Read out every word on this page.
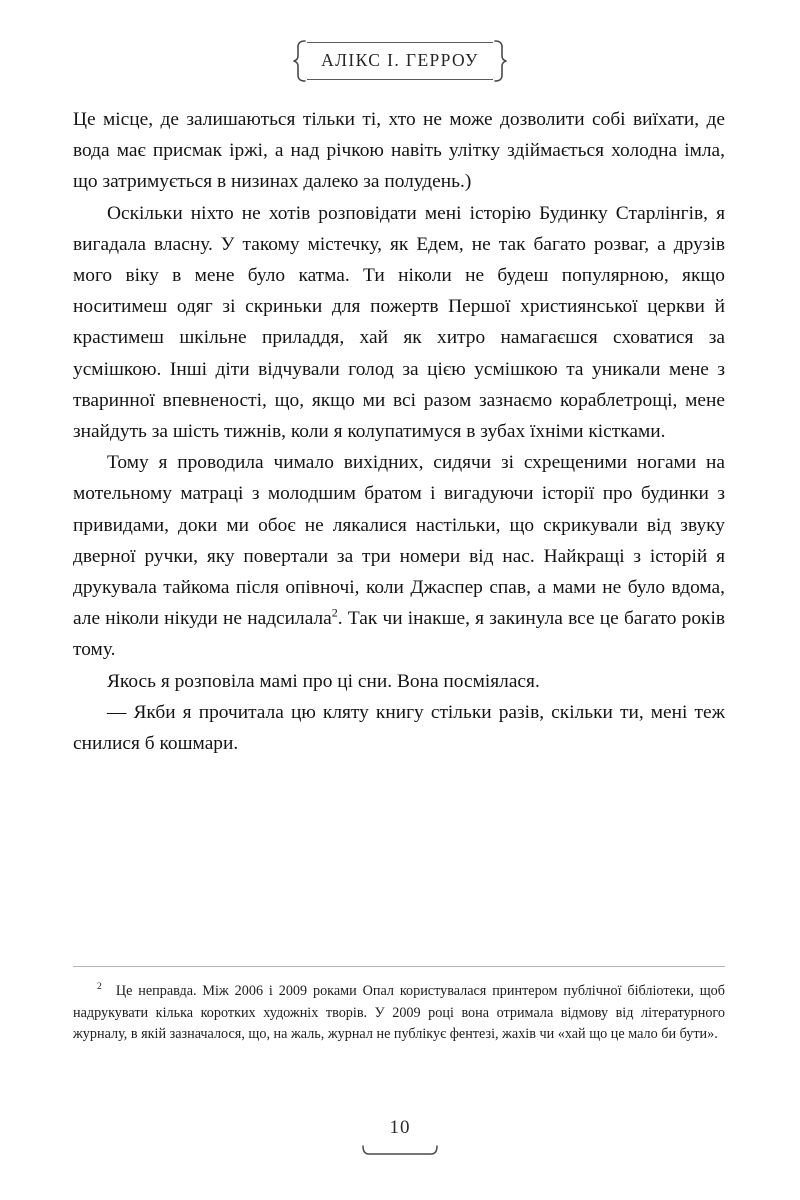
АЛІКС І. ГЕРРОУ

Це місце, де залишаються тільки ті, хто не може дозволити собі виїхати, де вода має присмак іржі, а над річкою навіть улітку здіймається холодна імла, що затримується в низинах далеко за полудень.)

Оскільки ніхто не хотів розповідати мені історію Будинку Старлінгів, я вигадала власну. У такому містечку, як Едем, не так багато розваг, а друзів мого віку в мене було катма. Ти ніколи не будеш популярною, якщо носитимеш одяг зі скриньки для пожертв Першої християнської церкви й крастимеш шкільне приладдя, хай як хитро намагаєшся сховатися за усмішкою. Інші діти відчували голод за цією усмішкою та уникали мене з тваринної впевненості, що, якщо ми всі разом зазнаємо кораблетрощі, мене знайдуть за шість тижнів, коли я колупатимуся в зубах їхніми кістками.

Тому я проводила чимало вихідних, сидячи зі схрещеними ногами на мотельному матраці з молодшим братом і вигадуючи історії про будинки з привидами, доки ми обоє не лякалися настільки, що скрикували від звуку дверної ручки, яку повертали за три номери від нас. Найкращі з історій я друкувала тайкома після опівночі, коли Джаспер спав, а мами не було вдома, але ніколи нікуди не надсилала$^2$. Так чи інакше, я закинула все це багато років тому.

Якось я розповіла мамі про ці сни. Вона посміялася.

— Якби я прочитала цю кляту книгу стільки разів, скільки ти, мені теж снилися б кошмари.

$^2$ Це неправда. Між 2006 і 2009 роками Опал користувалася принтером публічної бібліотеки, щоб надрукувати кілька коротких художніх творів. У 2009 році вона отримала відмову від літературного журналу, в якій зазначалося, що, на жаль, журнал не публікує фентезі, жахів чи «хай що це мало би бути».

10
